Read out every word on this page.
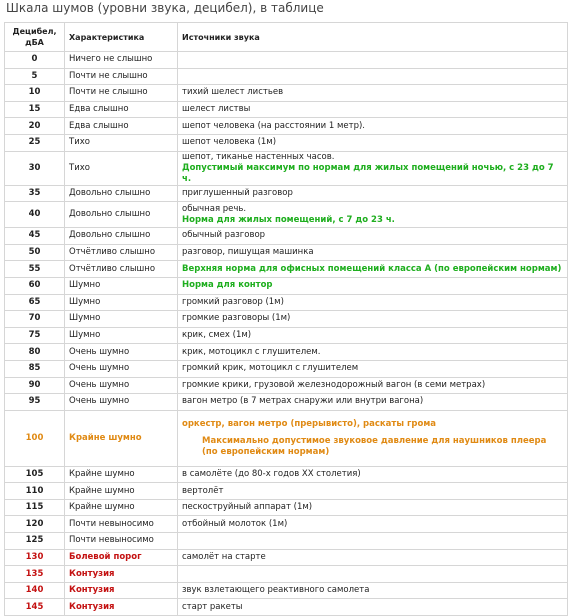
Шкала шумов (уровни звука, децибел), в таблице
Децибел,
дБА	Характеристика	Источники звука
0	Ничего не слышно	

5	Почти не слышно	

10	Почти не слышно	тихий шелест листьев

15	Едва слышно	шелест листвы

20	Едва слышно	шепот человека (на расстоянии 1 метр).

25	Тихо	шепот человека (1м)

30	Тихо	шепот, тиканье настенных часов.
Допустимый максимум по нормам для жилых помещений ночью, с 23 до 7 ч.

35	Довольно слышно	приглушенный разговор

40	Довольно слышно	обычная речь.
Норма для жилых помещений, с 7 до 23 ч.

45	Довольно слышно	обычный разговор

50	Отчётливо слышно	разговор, пишущая машинка

55	Отчётливо слышно	Верхняя норма для офисных помещений класса А (по европейским нормам)

60	Шумно	Норма для контор

65	Шумно	громкий разговор (1м)

70	Шумно	громкие разговоры (1м)

75	Шумно	крик, смех (1м)

80	Очень шумно	крик, мотоцикл с глушителем.

85	Очень шумно	громкий крик, мотоцикл с глушителем

90	Очень шумно	громкие крики, грузовой железнодорожный вагон (в семи метрах)

95	Очень шумно	вагон метро (в 7 метрах снаружи или внутри вагона)

100	Крайне шумно	оркестр, вагон метро (прерывисто), раскаты грома
Максимально допустимое звуковое давление для наушников плеера (по европейским нормам)

105	Крайне шумно	в самолёте (до 80-х годов XX столетия)

110	Крайне шумно	вертолёт

115	Крайне шумно	пескоструйный аппарат (1м)

120	Почти невыносимо	отбойный молоток (1м)

125	Почти невыносимо	

130	Болевой порог	самолёт на старте

135	Контузия	

140	Контузия	звук взлетающего реактивного самолета

145	Контузия	старт ракеты
